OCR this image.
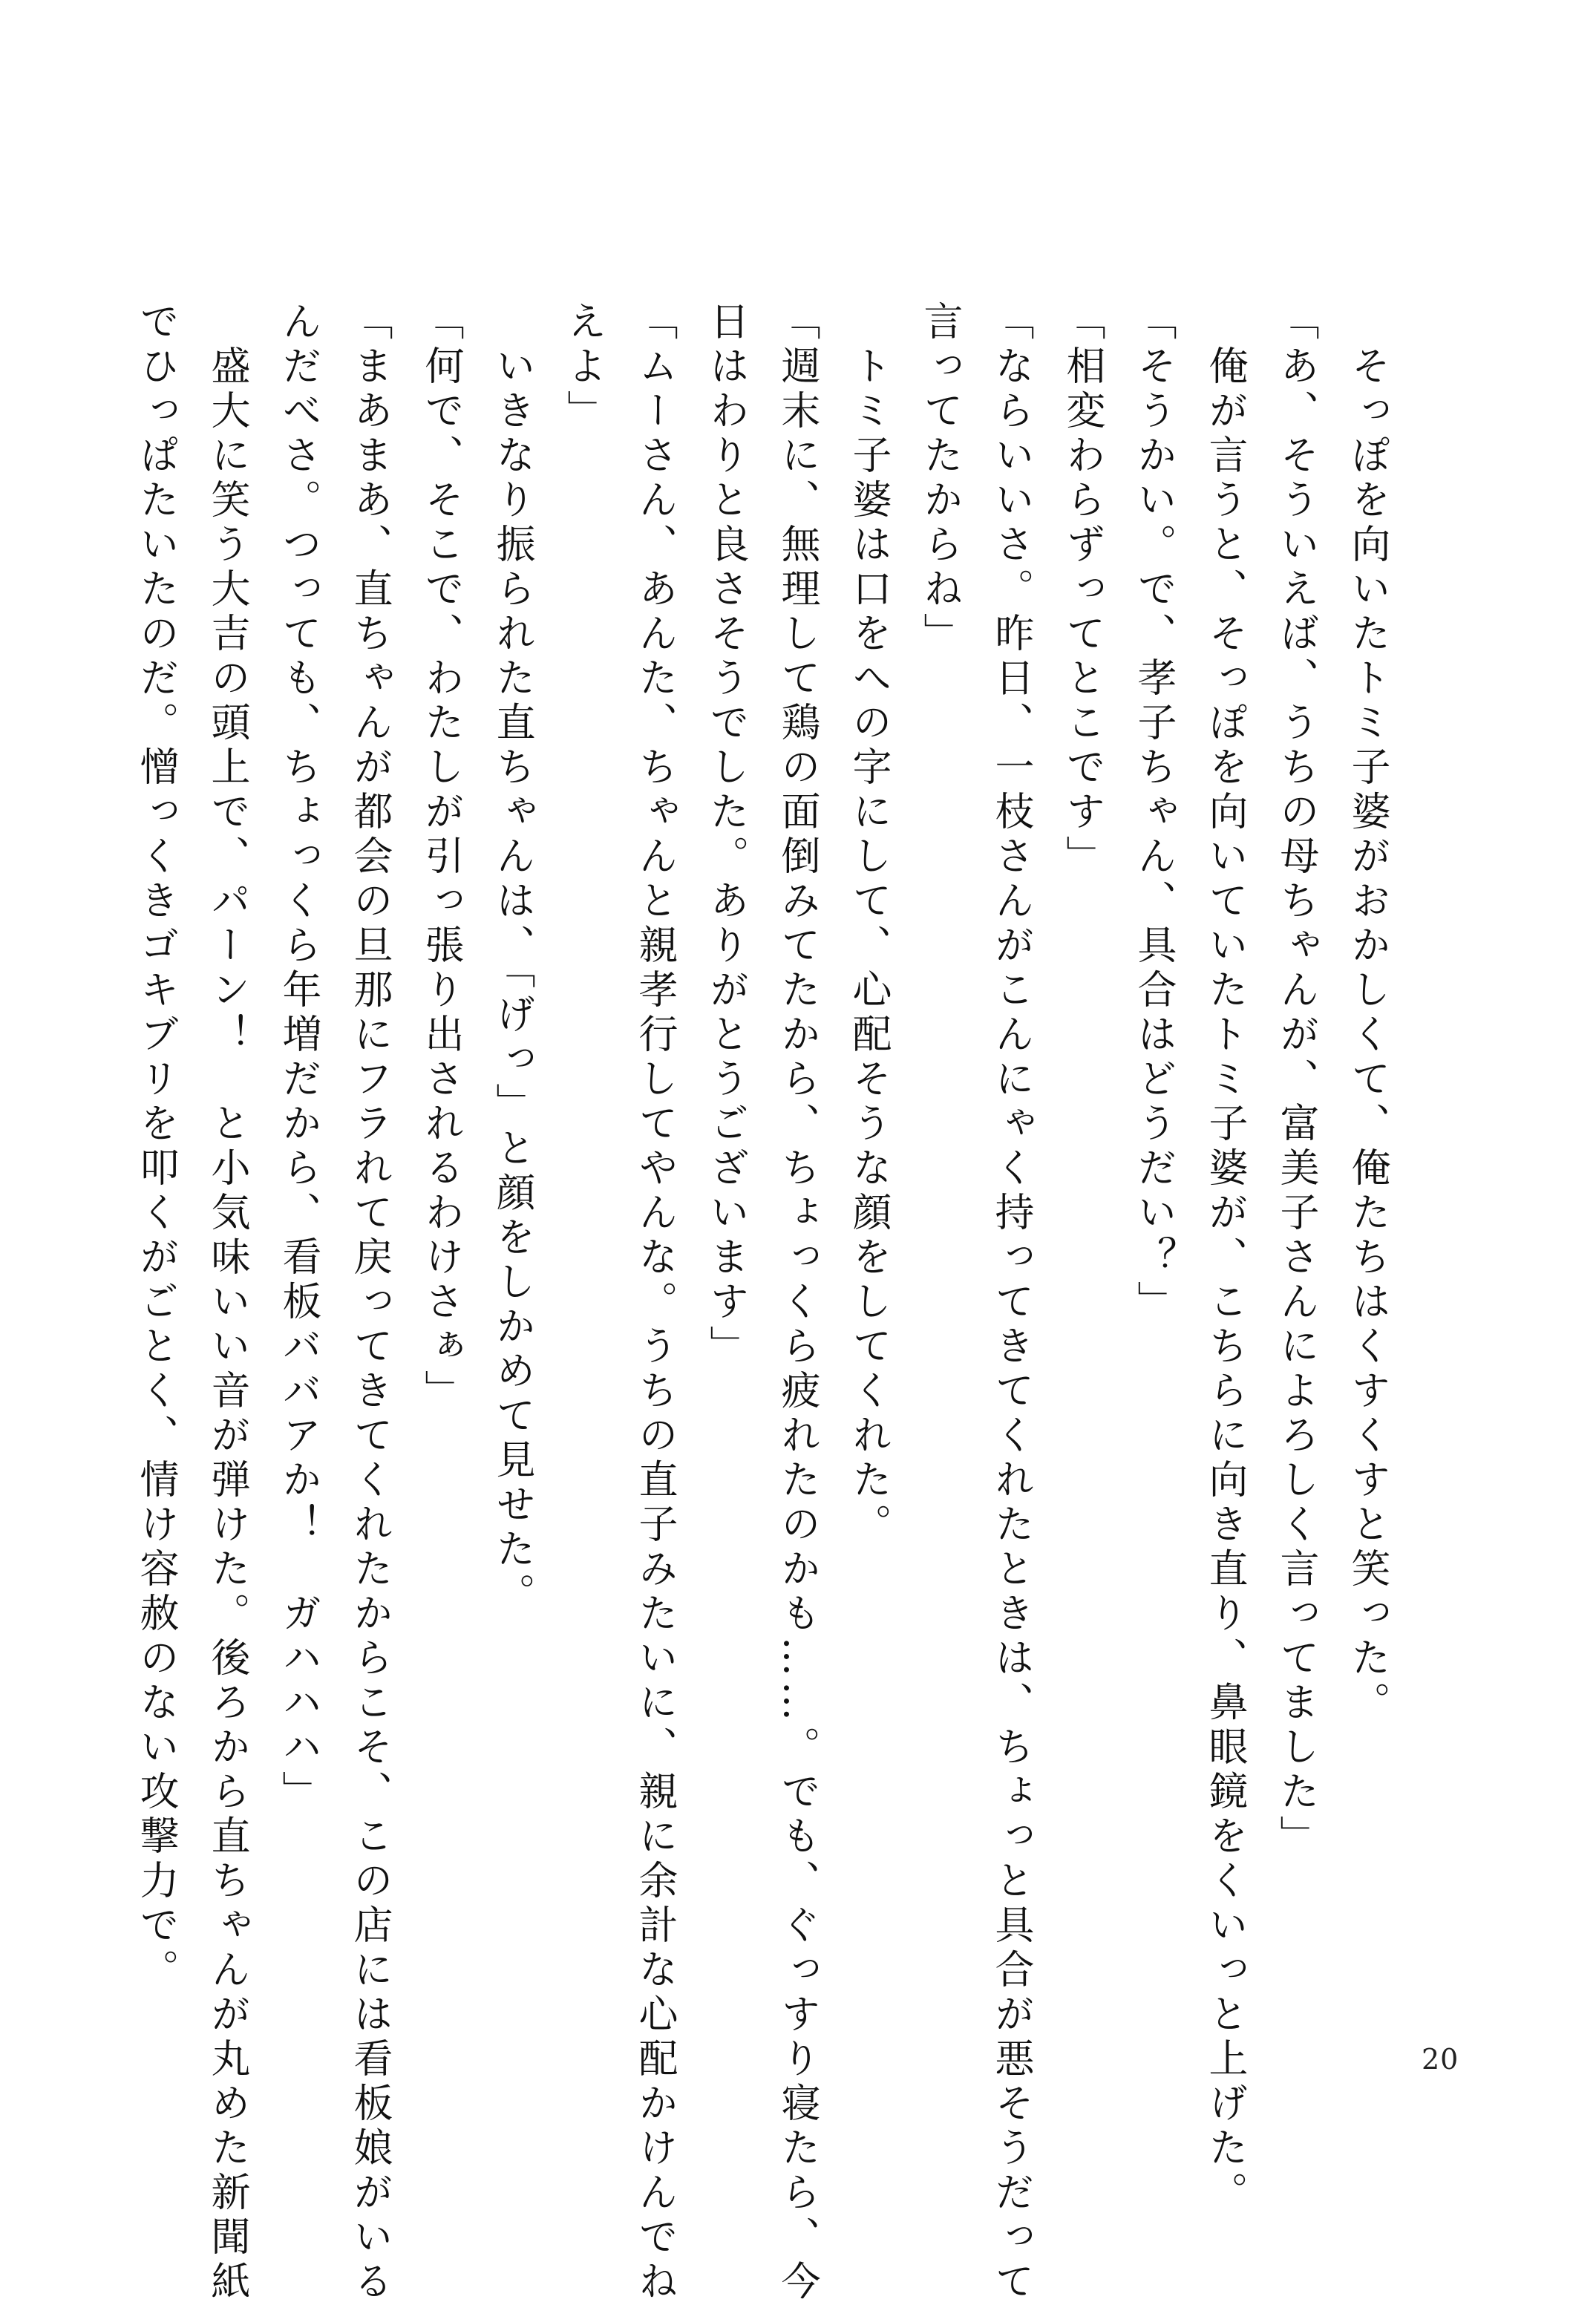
そっぽを向いたトミ子婆がおかしくて、俺たちはくすくすと笑った。
「あ、そういえば、うちの母ちゃんが、富美子さんによろしく言ってました」
俺が言うと、そっぽを向いていたトミ子婆が、こちらに向き直り、鼻眼鏡をくいっと上げた。
「そうかい。で、孝子ちゃん、具合はどうだい？」
「相変わらずってとこです」
「ならいいさ。昨日、一枝さんがこんにゃく持ってきてくれたときは、ちょっと具合が悪そうだって
言ってたからね」
トミ子婆は口をへの字にして、心配そうな顔をしてくれた。
「週末に、無理して鶏の面倒みてたから、ちょっくら疲れたのかも……。でも、ぐっすり寝たら、今
日はわりと良さそうでした。ありがとうございます」
「ムーさん、あんた、ちゃんと親孝行してやんな。うちの直子みたいに、親に余計な心配かけんでね
えよ」
いきなり振られた直ちゃんは、「げっ」と顔をしかめて見せた。
「何で、そこで、わたしが引っ張り出されるわけさぁ」
「まあまあ、直ちゃんが都会の旦那にフラれて戻ってきてくれたからこそ、この店には看板娘がいる
んだべさ。つっても、ちょっくら年増だから、看板ババアか！　ガハハハ」
盛大に笑う大吉の頭上で、パーン！　と小気味いい音が弾けた。後ろから直ちゃんが丸めた新聞紙
でひっぱたいたのだ。憎っくきゴキブリを叩くがごとく、情け容赦のない攻撃力で。
20
